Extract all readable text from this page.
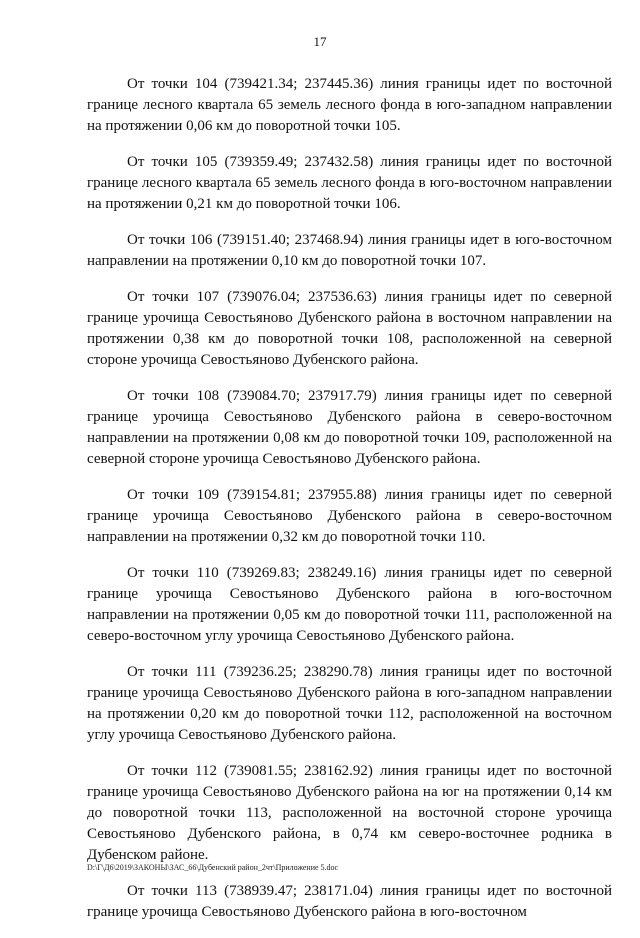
17

От точки 104 (739421.34; 237445.36) линия границы идет по восточной границе лесного квартала 65 земель лесного фонда в юго-западном направлении на протяжении 0,06 км до поворотной точки 105.

От точки 105 (739359.49; 237432.58) линия границы идет по восточной границе лесного квартала 65 земель лесного фонда в юго-восточном направлении на протяжении 0,21 км до поворотной точки 106.

От точки 106 (739151.40; 237468.94) линия границы идет в юго-восточном направлении на протяжении 0,10 км до поворотной точки 107.

От точки 107 (739076.04; 237536.63) линия границы идет по северной границе урочища Севостьяново Дубенского района в восточном направлении на протяжении 0,38 км до поворотной точки 108, расположенной на северной стороне урочища Севостьяново Дубенского района.

От точки 108 (739084.70; 237917.79) линия границы идет по северной границе урочища Севостьяново Дубенского района в северо-восточном направлении на протяжении 0,08 км до поворотной точки 109, расположенной на северной стороне урочища Севостьяново Дубенского района.

От точки 109 (739154.81; 237955.88) линия границы идет по северной границе урочища Севостьяново Дубенского района в северо-восточном направлении на протяжении 0,32 км до поворотной точки 110.

От точки 110 (739269.83; 238249.16) линия границы идет по северной границе урочища Севостьяново Дубенского района в юго-восточном направлении на протяжении 0,05 км до поворотной точки 111, расположенной на северо-восточном углу урочища Севостьяново Дубенского района.

От точки 111 (739236.25; 238290.78) линия границы идет по восточной границе урочища Севостьяново Дубенского района в юго-западном направлении на протяжении 0,20 км до поворотной точки 112, расположенной на восточном углу урочища Севостьяново Дубенского района.

От точки 112 (739081.55; 238162.92) линия границы идет по восточной границе урочища Севостьяново Дубенского района на юг на протяжении 0,14 км до поворотной точки 113, расположенной на восточной стороне урочища Севостьяново Дубенского района, в 0,74 км северо-восточнее родника в Дубенском районе.

От точки 113 (738939.47; 238171.04) линия границы идет по восточной границе урочища Севостьяново Дубенского района в юго-восточном

D:\Г\Д6\2019\ЗАКОНЫ\ЗАС_66\Дубенский район_2чт\Приложение 5.doc
